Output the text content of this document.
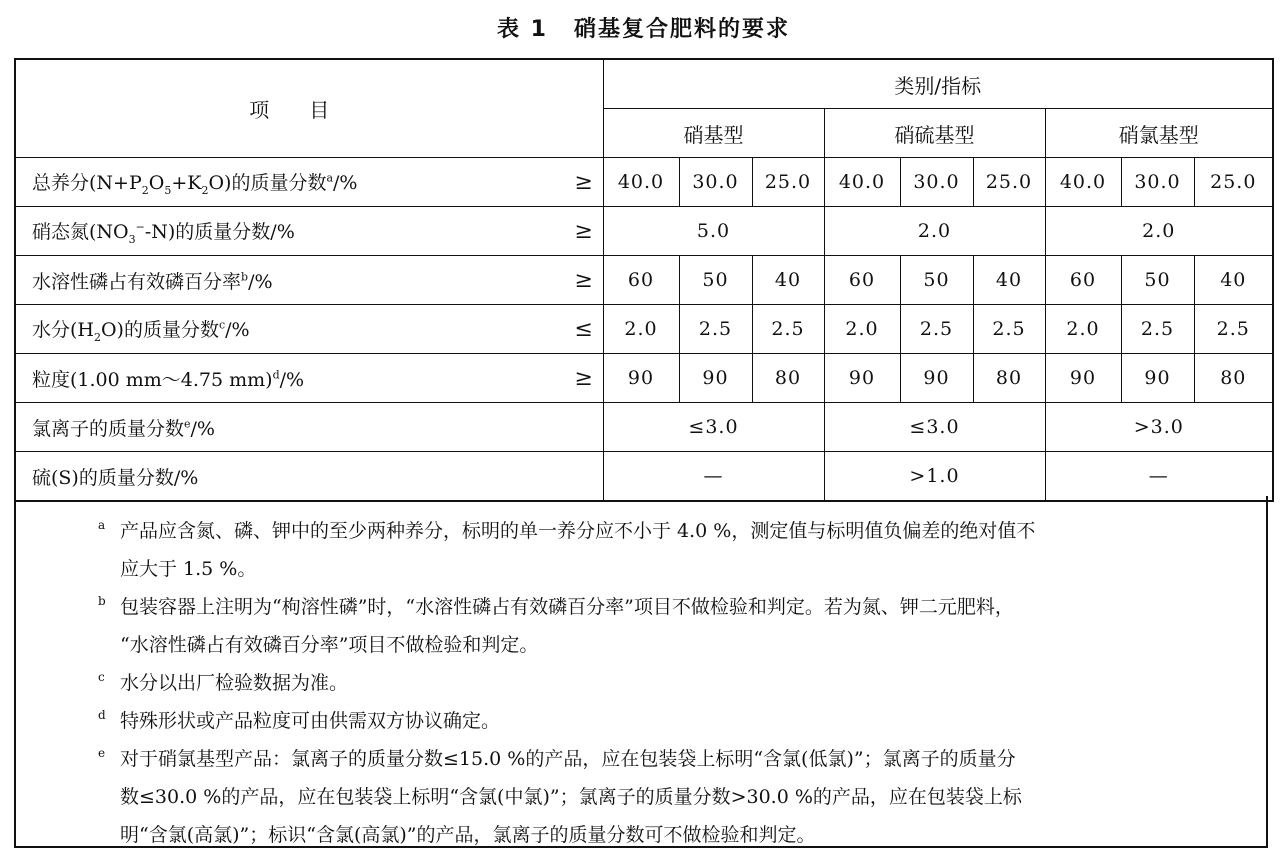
表 1 硝基复合肥料的要求
项目		类别/指标								
		硝基型			硝硫基型			硝氯基型		
总养分$(N+P_2O_5+K_2O)$的质量分数$^a$/%	≥	40.0	30.0	25.0	40.0	30.0	25.0	40.0	30.0	25.0
硝态氮$(NO_3^--N)$的质量分数/%	≥	5.0			2.0			2.0		
水溶性磷占有效磷百分率$^b$/%	≥	60	50	40	60	50	40	60	50	40
水分$(H_2O)$的质量分数$^c$/%	≤	2.0	2.5	2.5	2.0	2.5	2.5	2.0	2.5	2.5
粒度(1.00 mm～4.75 mm)$^d$/%	≥	90	90	80	90	90	80	90	90	80
氯离子的质量分数$^e$/%		≤3.0			≤3.0			>3.0		
硫(S)的质量分数/%		—			>1.0			—		
a 产品应含氮、磷、钾中的至少两种养分，标明的单一养分应不小于 4.0 %，测定值与标明值负偏差的绝对值不
应大于 1.5 %。
b 包装容器上注明为“枸溶性磷”时，“水溶性磷占有效磷百分率”项目不做检验和判定。若为氮、钾二元肥料，
“水溶性磷占有效磷百分率”项目不做检验和判定。
c 水分以出厂检验数据为准。
d 特殊形状或产品粒度可由供需双方协议确定。
e 对于硝氯基型产品：氯离子的质量分数≤15.0 %的产品，应在包装袋上标明“含氯(低氯)”；氯离子的质量分
数≤30.0 %的产品，应在包装袋上标明“含氯(中氯)”；氯离子的质量分数>30.0 %的产品，应在包装袋上标
明“含氯(高氯)”；标识“含氯(高氯)”的产品，氯离子的质量分数可不做检验和判定。
